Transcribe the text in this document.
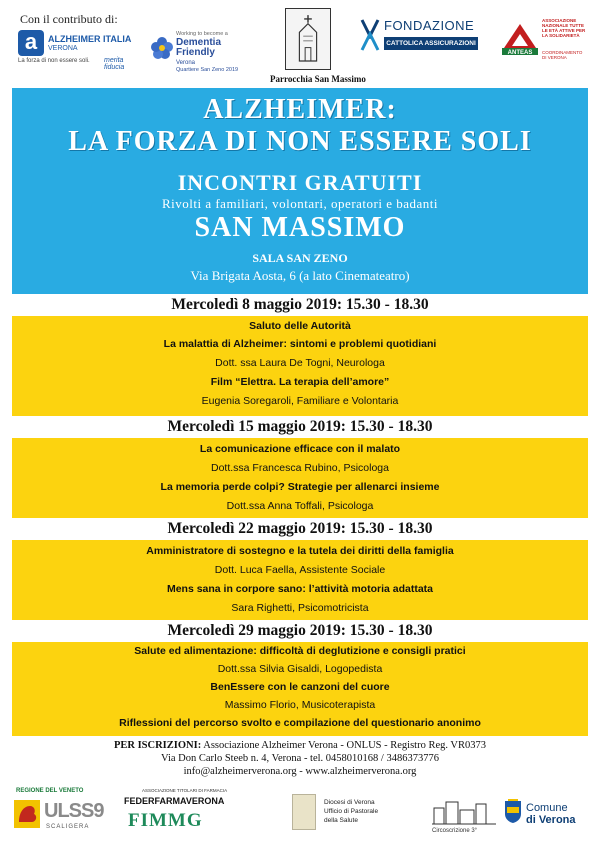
Con il contributo di:
a	ALZHEIMER ITALIA
VERONA
La forza di non essere soli. merita fiducia
Working to become a
Dementia
Friendly
Verona
Quartiere San Zeno 2019
Parrocchia San Massimo
FONDAZIONE
CATTOLICA ASSICURAZIONI
ANTEAS
ASSOCIAZIONE NAZIONALE TUTTE LE ETÀ ATTIVE PER LA SOLIDARIETÀ
COORDINAMENTO DI VERONA
ALZHEIMER:
LA FORZA DI NON ESSERE SOLI
INCONTRI GRATUITI
Rivolti a familiari, volontari, operatori e badanti
SAN MASSIMO
SALA SAN ZENO
Via Brigata Aosta, 6 (a lato Cinemateatro)
Mercoledì 8 maggio 2019: 15.30 - 18.30
Saluto delle Autorità
La malattia di Alzheimer: sintomi e problemi quotidiani
Dott. ssa Laura De Togni, Neurologa
Film “Elettra. La terapia dell’amore”
Eugenia Soregaroli, Familiare e Volontaria
Mercoledì 15 maggio 2019: 15.30 - 18.30
La comunicazione efficace con il malato
Dott.ssa Francesca Rubino, Psicologa
La memoria perde colpi? Strategie per allenarci insieme
Dott.ssa Anna Toffali, Psicologa
Mercoledì 22 maggio 2019: 15.30 - 18.30
Amministratore di sostegno e la tutela dei diritti della famiglia
Dott. Luca Faella, Assistente Sociale
Mens sana in corpore sano: l’attività motoria adattata
Sara Righetti, Psicomotricista
Mercoledì 29 maggio 2019: 15.30 - 18.30
Salute ed alimentazione: difficoltà di deglutizione e consigli pratici
Dott.ssa Silvia Gisaldi, Logopedista
BenEssere con le canzoni del cuore
Massimo Florio, Musicoterapista
Riflessioni del percorso svolto e compilazione del questionario anonimo
PER ISCRIZIONI: Associazione Alzheimer Verona - ONLUS - Registro Reg. VR0373
Via Don Carlo Steeb n. 4, Verona - tel. 0458010168 / 3486373776
info@alzheimerverona.org - www.alzheimerverona.org
REGIONE DEL VENETO
ULSS9
SCALIGERA
ASSOCIAZIONE TITOLARI DI FARMACIA
FEDERFARMAVERONA
FIMMG
Diocesi di Verona
Ufficio di Pastorale
della Salute
Circoscrizione 3°
Comune
di Verona
